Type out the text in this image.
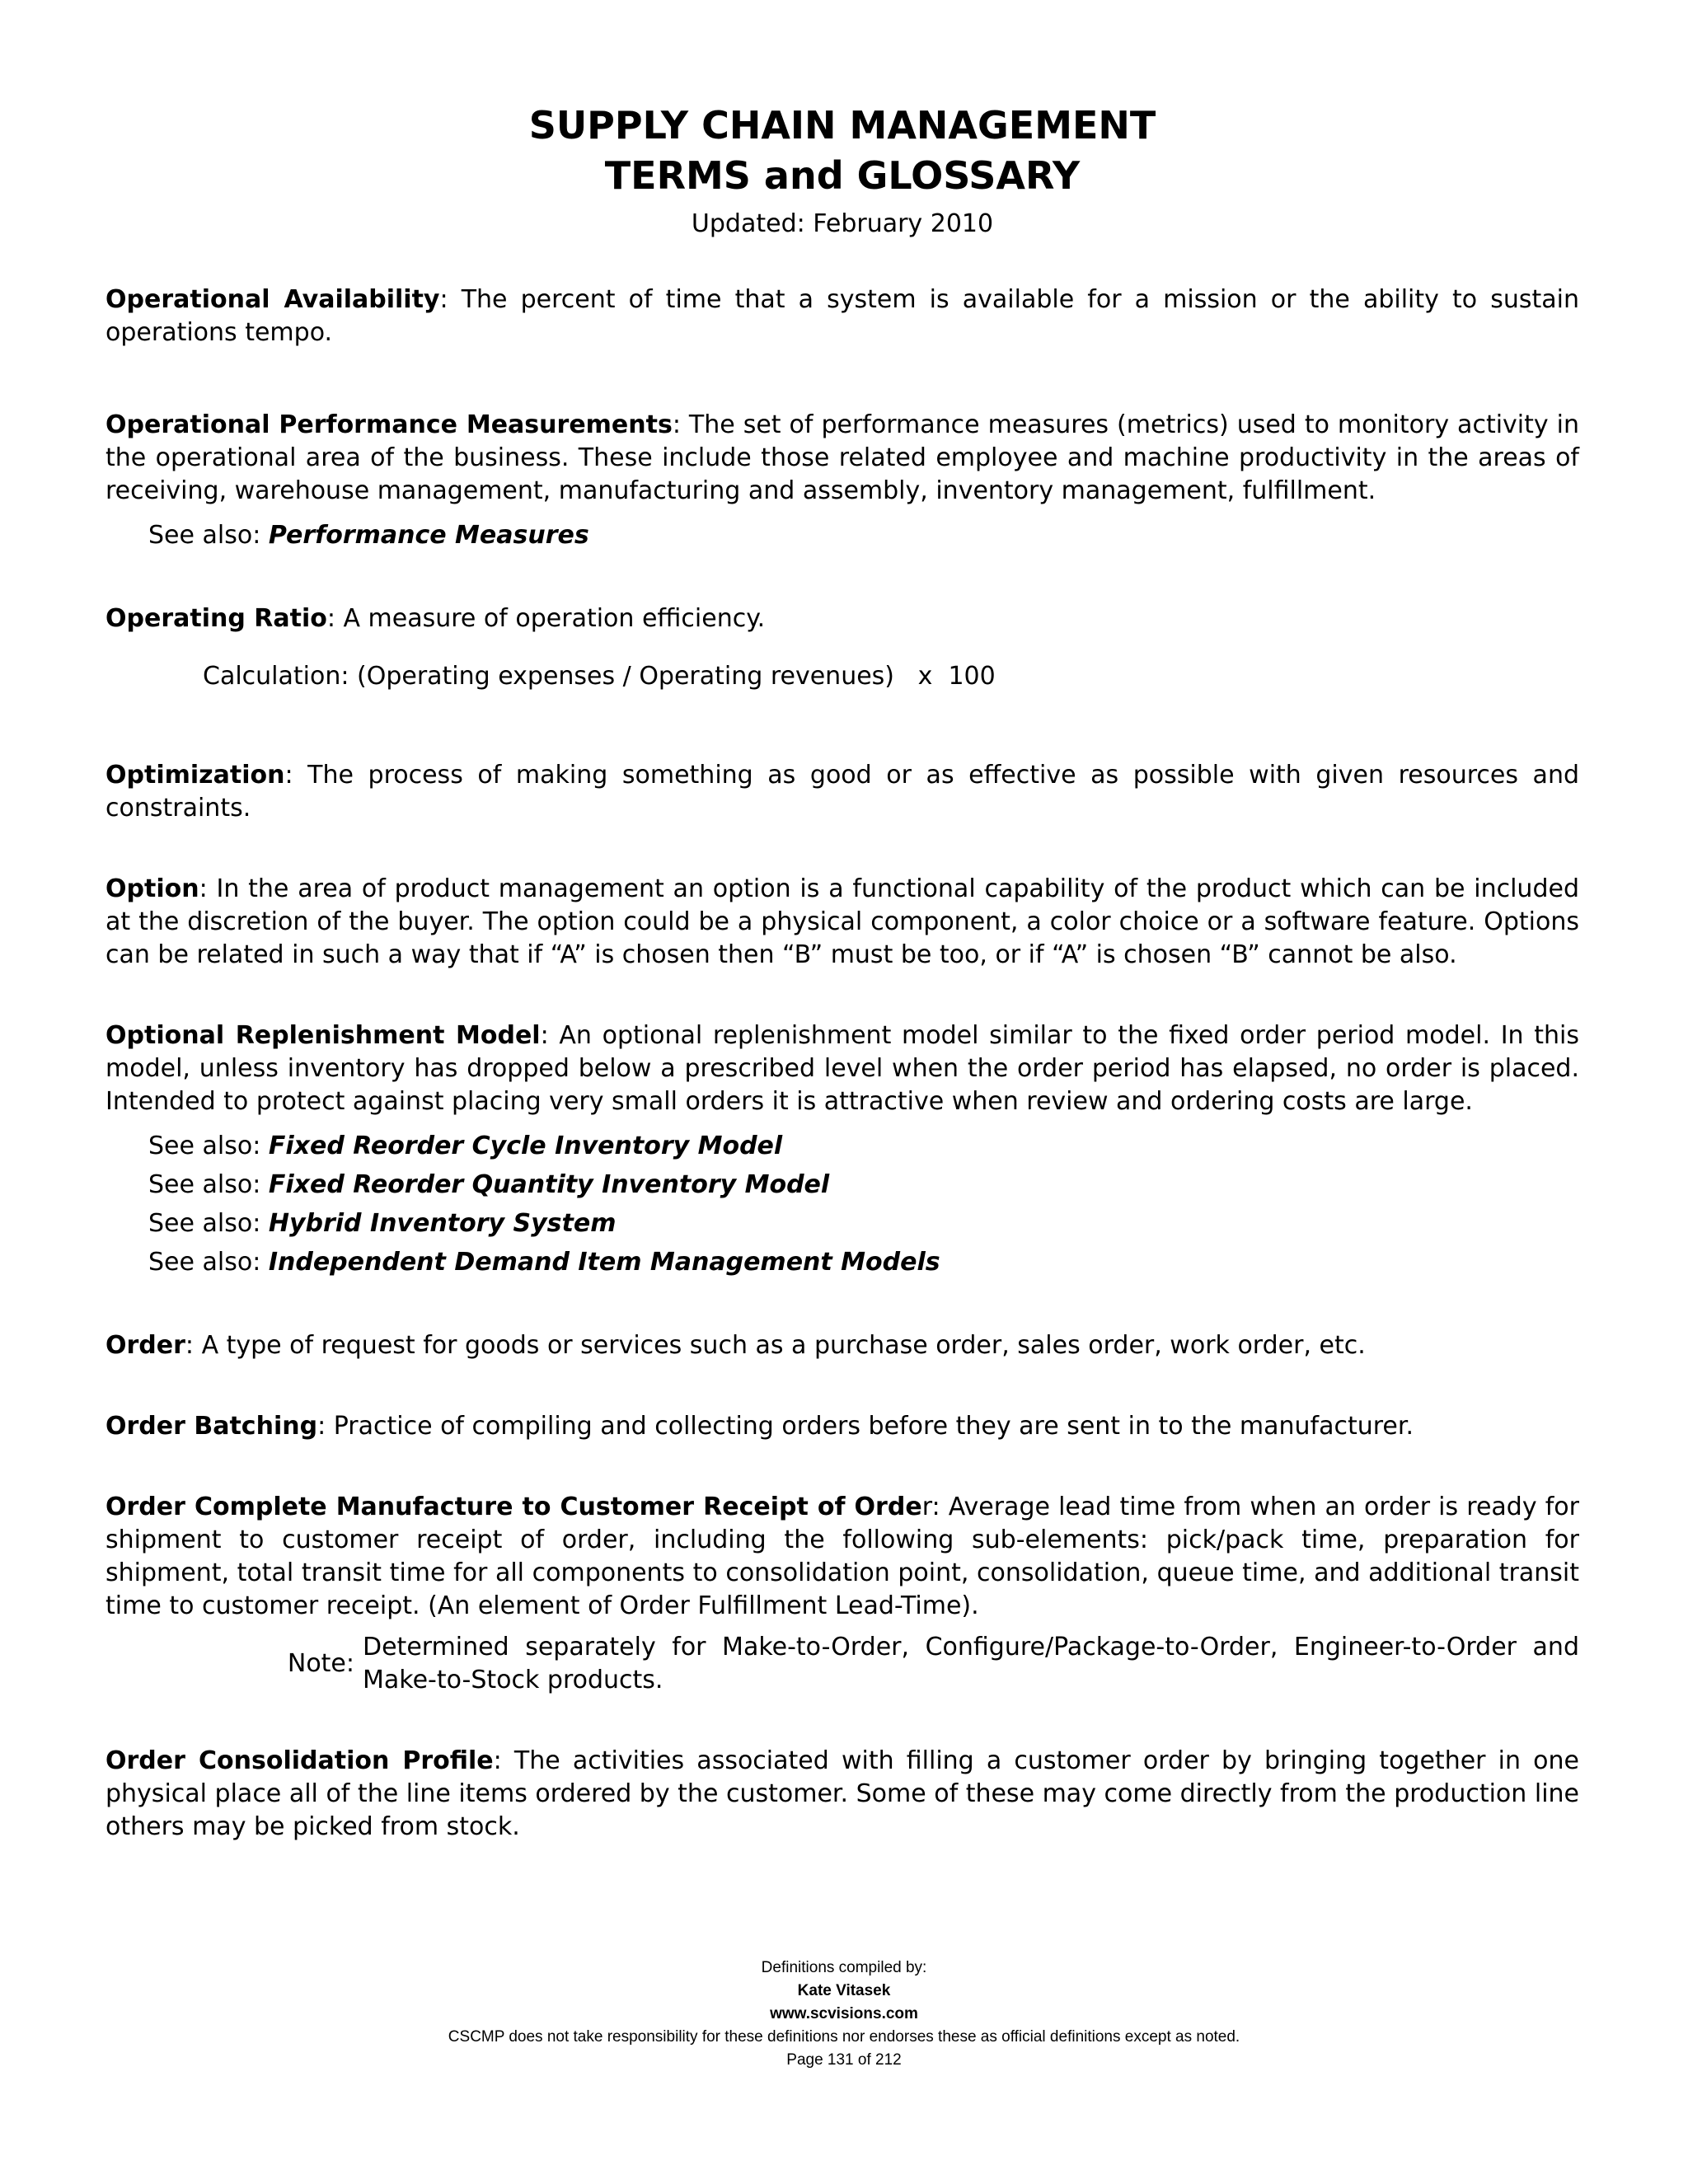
SUPPLY CHAIN MANAGEMENT
TERMS and GLOSSARY
Updated: February 2010

Operational Availability: The percent of time that a system is available for a mission or the ability to sustain operations tempo.

Operational Performance Measurements: The set of performance measures (metrics) used to monitory activity in the operational area of the business. These include those related employee and machine productivity in the areas of receiving, warehouse management, manufacturing and assembly, inventory management, fulfillment.

See also: Performance Measures

Operating Ratio: A measure of operation efficiency.

Calculation: (Operating expenses / Operating revenues)   x  100

Optimization: The process of making something as good or as effective as possible with given resources and constraints.

Option: In the area of product management an option is a functional capability of the product which can be included at the discretion of the buyer. The option could be a physical component, a color choice or a software feature. Options can be related in such a way that if “A” is chosen then “B” must be too, or if “A” is chosen “B” cannot be also.

Optional Replenishment Model: An optional replenishment model similar to the fixed order period model. In this model, unless inventory has dropped below a prescribed level when the order period has elapsed, no order is placed. Intended to protect against placing very small orders it is attractive when review and ordering costs are large.

See also: Fixed Reorder Cycle Inventory Model
See also: Fixed Reorder Quantity Inventory Model
See also: Hybrid Inventory System
See also: Independent Demand Item Management Models

Order: A type of request for goods or services such as a purchase order, sales order, work order, etc.

Order Batching: Practice of compiling and collecting orders before they are sent in to the manufacturer.

Order Complete Manufacture to Customer Receipt of Order: Average lead time from when an order is ready for shipment to customer receipt of order, including the following sub-elements: pick/pack time, preparation for shipment, total transit time for all components to consolidation point, consolidation, queue time, and additional transit time to customer receipt. (An element of Order Fulfillment Lead-Time).

Note:
Determined separately for Make-to-Order, Configure/Package-to-Order, Engineer-to-Order and Make-to-Stock products.

Order Consolidation Profile: The activities associated with filling a customer order by bringing together in one physical place all of the line items ordered by the customer. Some of these may come directly from the production line others may be picked from stock.

Definitions compiled by:
Kate Vitasek
www.scvisions.com
CSCMP does not take responsibility for these definitions nor endorses these as official definitions except as noted.
Page 131 of 212
